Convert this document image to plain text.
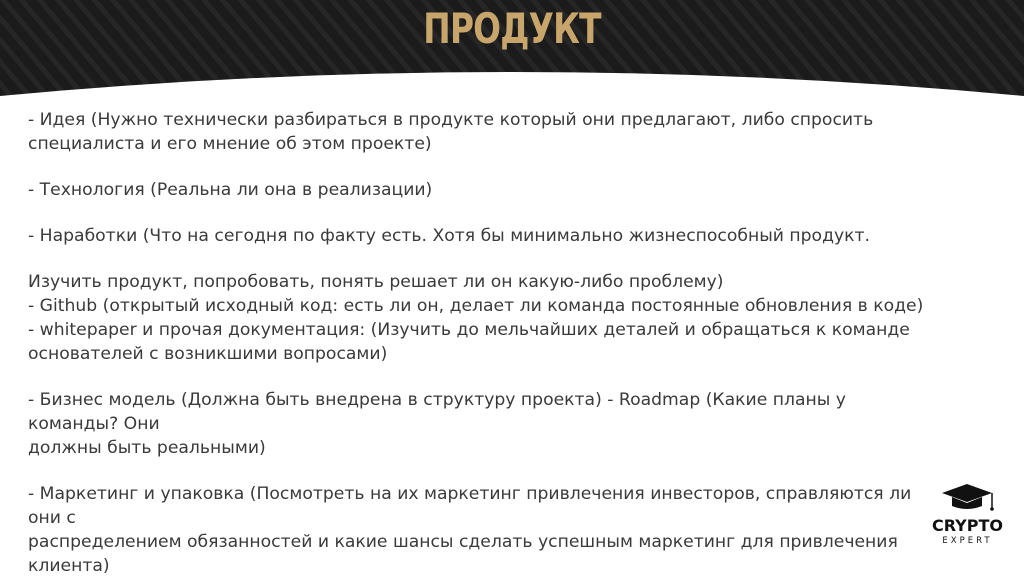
ПРОДУКТ

- Идея (Нужно технически разбираться в продукте который они предлагают, либо спросить

специалиста и его мнение об этом проекте)

- Технология (Реальна ли она в реализации)

- Наработки (Что на сегодня по факту есть. Хотя бы минимально жизнеспособный продукт.

Изучить продукт, попробовать, понять решает ли он какую-либо проблему)

- Github (открытый исходный код: есть ли он, делает ли команда постоянные обновления в коде)

- whitepaper и прочая документация: (Изучить до мельчайших деталей и обращаться к команде

основателей с возникшими вопросами)

- Бизнес модель (Должна быть внедрена в структуру проекта) - Roadmap (Какие планы у команды? Они

должны быть реальными)

- Маркетинг и упаковка (Посмотреть на их маркетинг привлечения инвесторов, справляются ли они с

распределением обязанностей и какие шансы сделать успешным маркетинг для привлечения клиента)

CRYPTO
EXPERT
